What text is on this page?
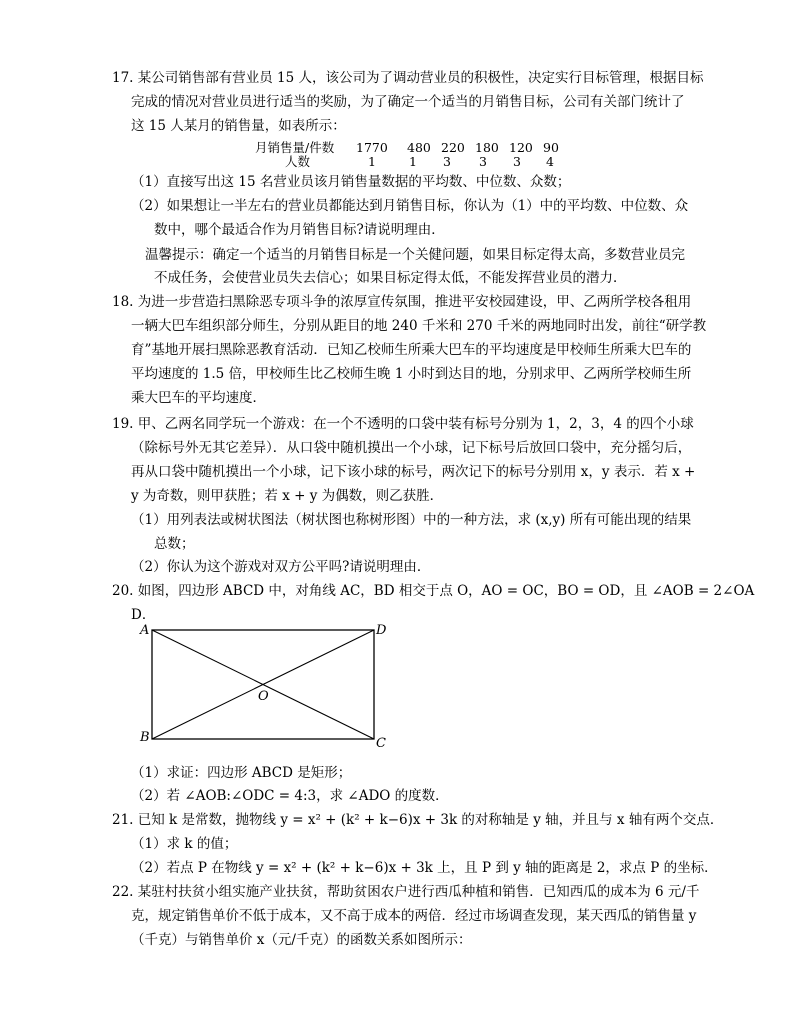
17. 某公司销售部有营业员 15 人，该公司为了调动营业员的积极性，决定实行目标管理，根据目标
完成的情况对营业员进行适当的奖励，为了确定一个适当的月销售目标，公司有关部门统计了
这 15 人某月的销售量，如表所示：
月销售量/件数 1770 480 220 180 120 90
人数	1	1 3 3 3 4
（1）直接写出这 15 名营业员该月销售量数据的平均数、中位数、众数；
（2）如果想让一半左右的营业员都能达到月销售目标，你认为（1）中的平均数、中位数、众
数中，哪个最适合作为月销售目标?请说明理由．
温馨提示：确定一个适当的月销售目标是一个关健问题，如果目标定得太高，多数营业员完
不成任务，会使营业员失去信心；如果目标定得太低，不能发挥营业员的潜力．
18. 为进一步营造扫黑除恶专项斗争的浓厚宣传氛围，推进平安校园建设，甲、乙两所学校各租用
一辆大巴车组织部分师生，分别从距目的地 240 千米和 270 千米的两地同时出发，前往“研学教
育”基地开展扫黑除恶教育活动．已知乙校师生所乘大巴车的平均速度是甲校师生所乘大巴车的
平均速度的 1.5 倍，甲校师生比乙校师生晚 1 小时到达目的地，分别求甲、乙两所学校师生所
乘大巴车的平均速度．
19. 甲、乙两名同学玩一个游戏：在一个不透明的口袋中装有标号分别为 1，2，3，4 的四个小球
（除标号外无其它差异）．从口袋中随机摸出一个小球，记下标号后放回口袋中，充分摇匀后，
再从口袋中随机摸出一个小球，记下该小球的标号，两次记下的标号分别用 x，y 表示．若 x +
y 为奇数，则甲获胜；若 x + y 为偶数，则乙获胜．
（1）用列表法或树状图法（树状图也称树形图）中的一种方法，求 (x,y) 所有可能出现的结果
总数；
（2）你认为这个游戏对双方公平吗?请说明理由．
20. 如图，四边形 ABCD 中，对角线 AC，BD 相交于点 O，AO = OC，BO = OD，且 ∠AOB = 2∠OA
D．
A	D
B	C
O
（1）求证：四边形 ABCD 是矩形；
（2）若 ∠AOB:∠ODC = 4:3，求 ∠ADO 的度数．
21. 已知 k 是常数，抛物线 y = x² + (k² + k−6)x + 3k 的对称轴是 y 轴，并且与 x 轴有两个交点．
（1）求 k 的值；
（2）若点 P 在物线 y = x² + (k² + k−6)x + 3k 上，且 P 到 y 轴的距离是 2，求点 P 的坐标．
22. 某驻村扶贫小组实施产业扶贫，帮助贫困农户进行西瓜种植和销售．已知西瓜的成本为 6 元/千
克，规定销售单价不低于成本，又不高于成本的两倍．经过市场调查发现，某天西瓜的销售量 y
（千克）与销售单价 x（元/千克）的函数关系如图所示：
